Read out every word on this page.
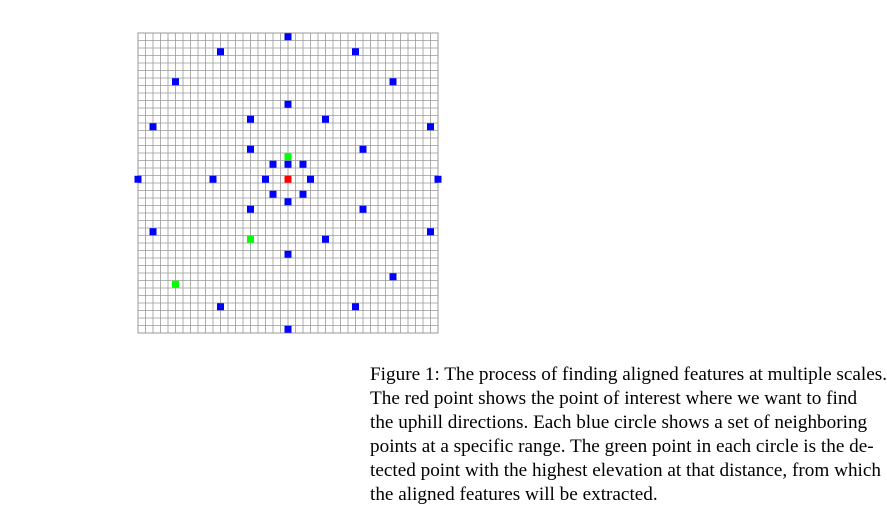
Figure 1: The process of finding aligned features at multiple scales.
The red point shows the point of interest where we want to find
the uphill directions. Each blue circle shows a set of neighboring
points at a specific range. The green point in each circle is the de-
tected point with the highest elevation at that distance, from which
the aligned features will be extracted.
